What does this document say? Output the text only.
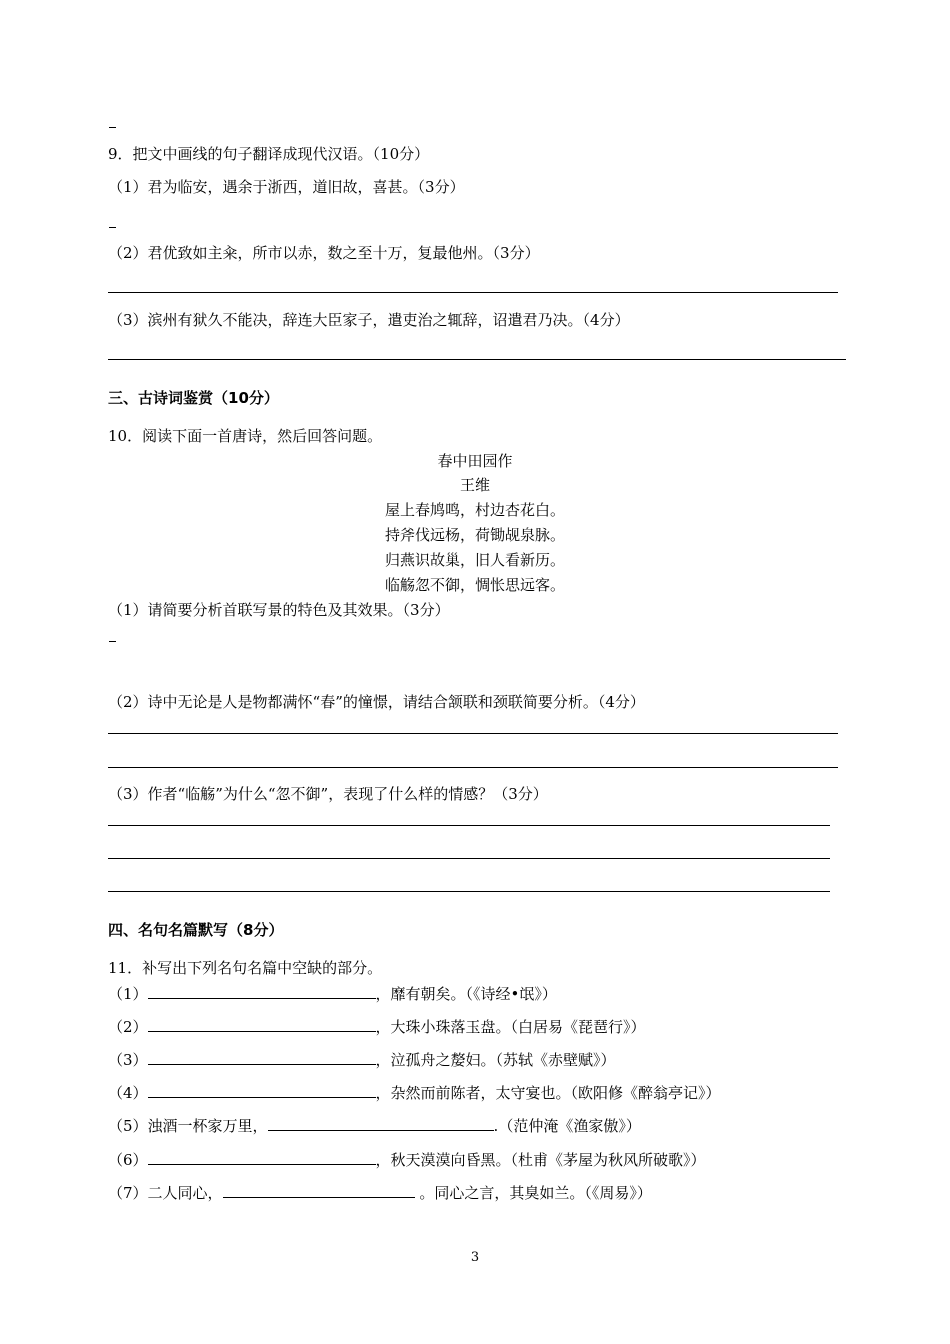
9．把文中画线的句子翻译成现代汉语。（10分）
（1）君为临安，遇余于浙西，道旧故，喜甚。（3分）
（2）君优致如主籴，所市以赤，数之至十万，复最他州。（3分）
（3）滨州有狱久不能决，辞连大臣家子，遣吏治之辄辞，诏遣君乃决。（4分）
三、古诗词鉴赏（10分）
10．阅读下面一首唐诗，然后回答问题。
春中田园作
王维
屋上春鸠鸣，村边杏花白。
持斧伐远杨，荷锄觇泉脉。
归燕识故巢，旧人看新历。
临觞忽不御，惆怅思远客。
（1）请简要分析首联写景的特色及其效果。（3分）
（2）诗中无论是人是物都满怀“春”的憧憬，请结合颔联和颈联简要分析。（4分）
（3）作者“临觞”为什么“忽不御”，表现了什么样的情感？（3分）
四、名句名篇默写（8分）
11．补写出下列名句名篇中空缺的部分。
（1）	，靡有朝矣。（《诗经•氓》）
（2）	，大珠小珠落玉盘。（白居易《琵琶行》）
（3）	，泣孤舟之嫠妇。（苏轼《赤壁赋》）
（4）	，杂然而前陈者，太守宴也。（欧阳修《醉翁亭记》）
（5）浊酒一杯家万里，	.（范仲淹《渔家傲》）
（6）	，秋天漠漠向昏黑。（杜甫《茅屋为秋风所破歌》）
（7）二人同心，	。同心之言，其臭如兰。（《周易》）
3
